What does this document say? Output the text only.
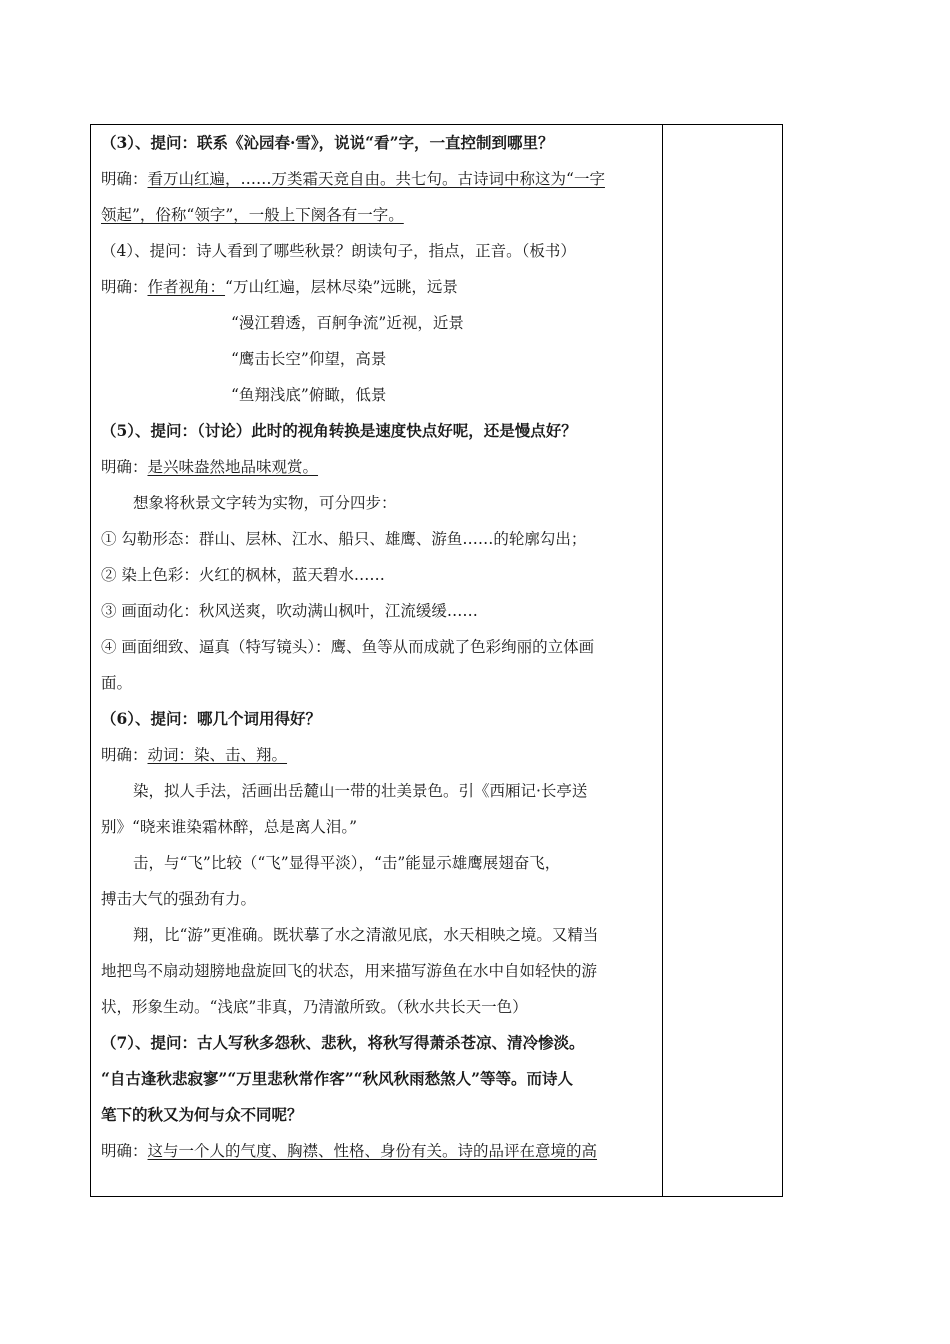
（3）、提问：联系《沁园春·雪》，说说“看”字，一直控制到哪里？
明确：看万山红遍，……万类霜天竞自由。共七句。古诗词中称这为“一字
领起”，俗称“领字”，一般上下阕各有一字。
（4）、提问：诗人看到了哪些秋景？朗读句子，指点，正音。（板书）
明确：作者视角：“万山红遍，层林尽染”远眺，远景
“漫江碧透，百舸争流”近视，近景
“鹰击长空”仰望，高景
“鱼翔浅底”俯瞰，低景
（5）、提问：（讨论）此时的视角转换是速度快点好呢，还是慢点好？
明确：是兴味盎然地品味观赏。
想象将秋景文字转为实物，可分四步：
① 勾勒形态：群山、层林、江水、船只、雄鹰、游鱼……的轮廓勾出；
② 染上色彩：火红的枫林，蓝天碧水……
③ 画面动化：秋风送爽，吹动满山枫叶，江流缓缓……
④ 画面细致、逼真（特写镜头）：鹰、鱼等从而成就了色彩绚丽的立体画
面。
（6）、提问：哪几个词用得好？
明确：动词：染、击、翔。
染，拟人手法，活画出岳麓山一带的壮美景色。引《西厢记·长亭送
别》“晓来谁染霜林醉，总是离人泪。”
击，与“飞”比较（“飞”显得平淡），“击”能显示雄鹰展翅奋飞，
搏击大气的强劲有力。
翔，比“游”更准确。既状摹了水之清澈见底，水天相映之境。又精当
地把鸟不扇动翅膀地盘旋回飞的状态，用来描写游鱼在水中自如轻快的游
状，形象生动。“浅底”非真，乃清澈所致。（秋水共长天一色）
（7）、提问：古人写秋多怨秋、悲秋，将秋写得萧杀苍凉、清冷惨淡。
“自古逢秋悲寂寥”“万里悲秋常作客”“秋风秋雨愁煞人”等等。而诗人
笔下的秋又为何与众不同呢？
明确：这与一个人的气度、胸襟、性格、身份有关。诗的品评在意境的高
